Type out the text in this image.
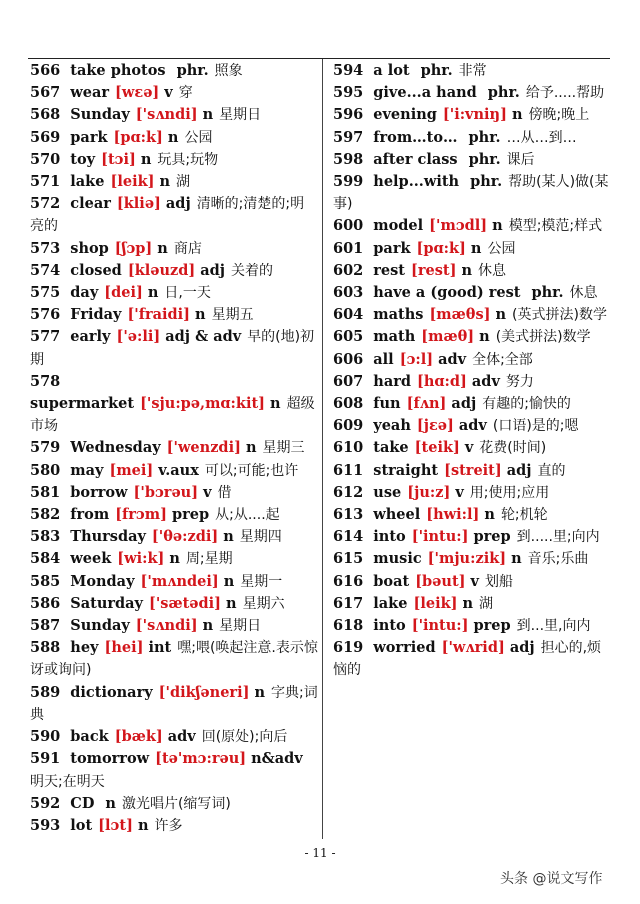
566 take photos phr. 照象
567 wear [wɛə] v 穿
568 Sunday ['sʌndi] n 星期日
569 park [pɑ:k] n 公园
570 toy [tɔi] n 玩具;玩物
571 lake [leik] n 湖
572 clear [kliə] adj 清晰的;清楚的;明亮的
573 shop [ʃɔp] n 商店
574 closed [kləuzd] adj 关着的
575 day [dei] n 日,一天
576 Friday ['fraidi] n 星期五
577 early ['ə:li] adj & adv 早的(地)初期
578supermarket ['sju:pə,mɑ:kit] n 超级市场
579 Wednesday ['wenzdi] n 星期三
580 may [mei] v.aux 可以;可能;也许
581 borrow ['bɔrəu] v 借
582 from [frɔm] prep 从;从....起
583 Thursday ['θə:zdi] n 星期四
584 week [wi:k] n 周;星期
585 Monday ['mʌndei] n 星期一
586 Saturday ['sætədi] n 星期六
587 Sunday ['sʌndi] n 星期日
588 hey [hei] int 嘿;喂(唤起注意.表示惊讶或询问)
589 dictionary ['dikʃəneri] n 字典;词典
590 back [bæk] adv 回(原处);向后
591 tomorrow [tə'mɔ:rəu] n&adv明天;在明天
592 CD n 激光唱片(缩写词)
593 lot [lɔt] n 许多
594 a lot phr. 非常
595 give...a hand phr. 给予.....帮助
596 evening ['i:vniŋ] n 傍晚;晚上
597 from…to… phr. …从…到…
598 after class phr. 课后
599 help...with phr. 帮助(某人)做(某事)
600 model ['mɔdl] n 模型;模范;样式
601 park [pɑ:k] n 公园
602 rest [rest] n 休息
603 have a (good) rest phr. 休息
604 maths [mæθs] n (英式拼法)数学
605 math [mæθ] n (美式拼法)数学
606 all [ɔ:l] adv 全体;全部
607 hard [hɑ:d] adv 努力
608 fun [fʌn] adj 有趣的;愉快的
609 yeah [jɛə] adv (口语)是的;嗯
610 take [teik] v 花费(时间)
611 straight [streit] adj 直的
612 use [ju:z] v 用;使用;应用
613 wheel [hwi:l] n 轮;机轮
614 into ['intu:] prep 到.....里;向内
615 music ['mju:zik] n 音乐;乐曲
616 boat [bəut] v 划船
617 lake [leik] n 湖
618 into ['intu:] prep 到...里,向内
619 worried ['wʌrid] adj 担心的,烦恼的
- 11 -
头条 @说文写作
